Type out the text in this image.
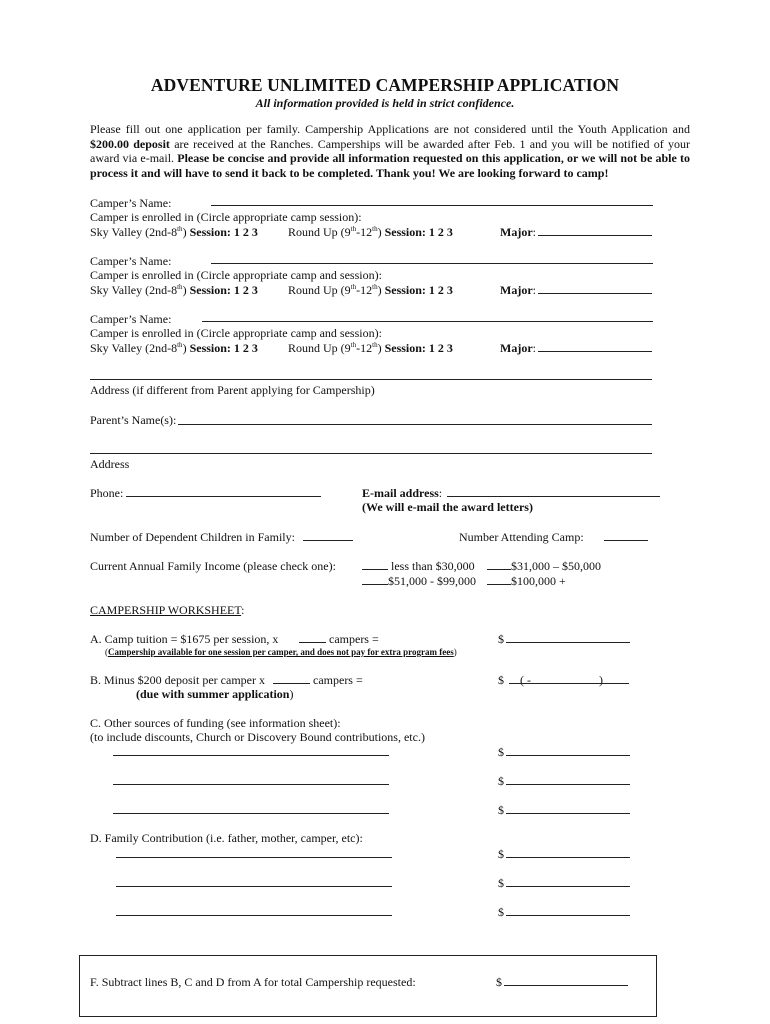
ADVENTURE UNLIMITED CAMPERSHIP APPLICATION
All information provided is held in strict confidence.
Please fill out one application per family. Campership Applications are not considered until the Youth Application and $200.00 deposit are received at the Ranches. Camperships will be awarded after Feb. 1 and you will be notified of your award via e-mail. Please be concise and provide all information requested on this application, or we will not be able to process it and will have to send it back to be completed. Thank you! We are looking forward to camp!
Camper’s Name:
Camper is enrolled in (Circle appropriate camp session):
Sky Valley (2nd-8th) Session: 1 2 3	Round Up (9th-12th) Session: 1 2 3	Major:
Camper’s Name:
Camper is enrolled in (Circle appropriate camp and session):
Sky Valley (2nd-8th) Session: 1 2 3	Round Up (9th-12th) Session: 1 2 3	Major:
Camper’s Name:
Camper is enrolled in (Circle appropriate camp and session):
Sky Valley (2nd-8th) Session: 1 2 3	Round Up (9th-12th) Session: 1 2 3	Major:
Address (if different from Parent applying for Campership)
Parent’s Name(s):
Address
Phone:	E-mail address:
(We will e-mail the award letters)
Number of Dependent Children in Family:	Number Attending Camp:
Current Annual Family Income (please check one):	less than $30,000	$31,000 – $50,000
$51,000 - $99,000	$100,000 +
CAMPERSHIP WORKSHEET:
A. Camp tuition = $1675 per session, x	campers =	$
(Campership available for one session per camper, and does not pay for extra program fees)
B. Minus $200 deposit per camper x	campers =
(due with summer application)
$ ( -	)
C. Other sources of funding (see information sheet):
(to include discounts, Church or Discovery Bound contributions, etc.)
$
$
$
D. Family Contribution (i.e. father, mother, camper, etc):
$
$
$
F. Subtract lines B, C and D from A for total Campership requested:	$
